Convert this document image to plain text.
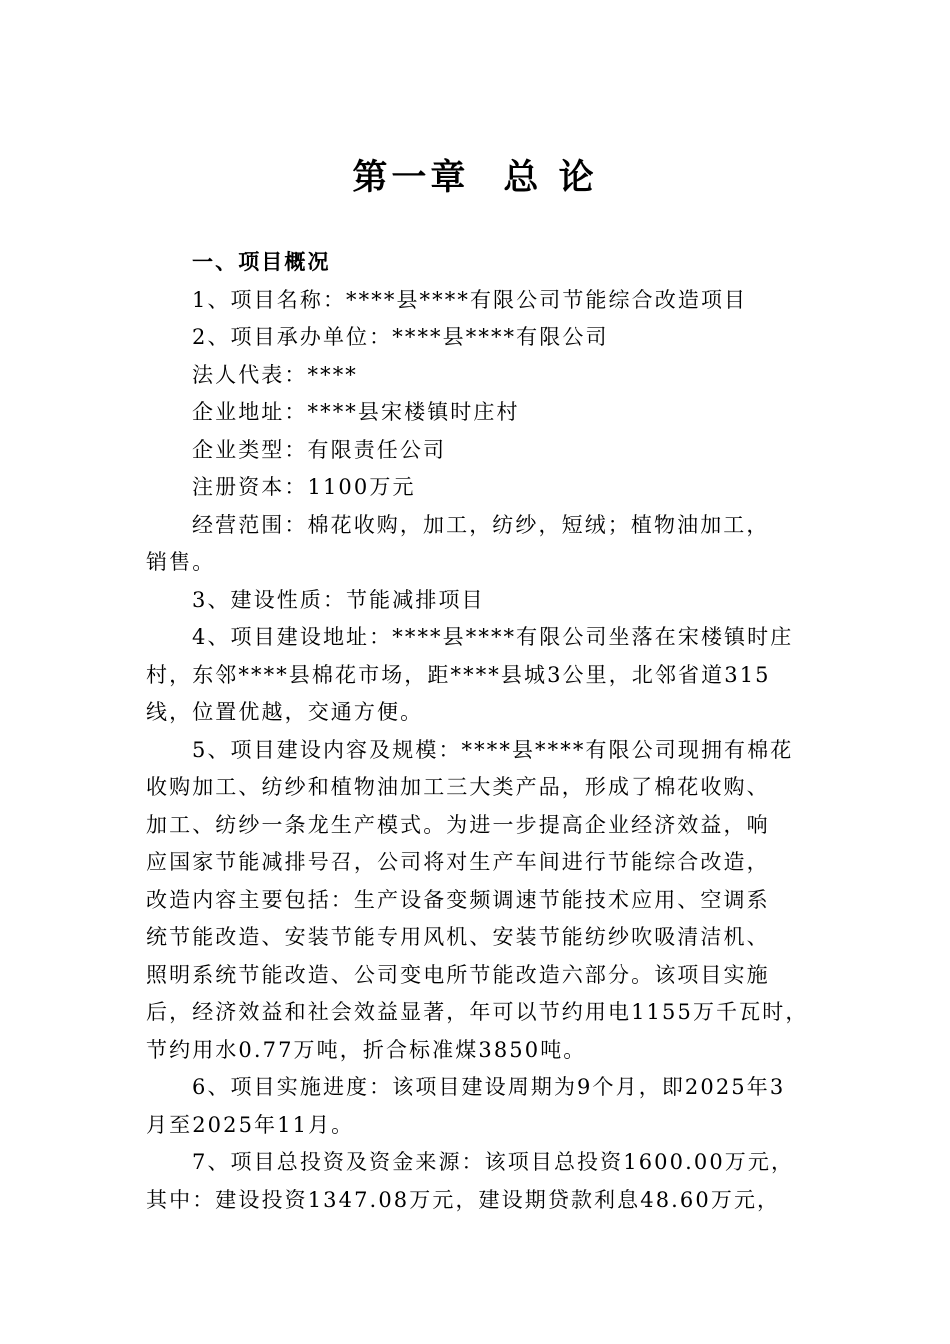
第一章 总 论
一、项目概况
1、项目名称：****县****有限公司节能综合改造项目
2、项目承办单位：****县****有限公司
法人代表：****
企业地址：****县宋楼镇时庄村
企业类型：有限责任公司
注册资本：1100万元
经营范围：棉花收购，加工，纺纱，短绒；植物油加工，
销售。
3、建设性质：节能减排项目
4、项目建设地址：****县****有限公司坐落在宋楼镇时庄
村，东邻****县棉花市场，距****县城3公里，北邻省道315
线，位置优越，交通方便。
5、项目建设内容及规模：****县****有限公司现拥有棉花
收购加工、纺纱和植物油加工三大类产品，形成了棉花收购、
加工、纺纱一条龙生产模式。为进一步提高企业经济效益，响
应国家节能减排号召，公司将对生产车间进行节能综合改造，
改造内容主要包括：生产设备变频调速节能技术应用、空调系
统节能改造、安装节能专用风机、安装节能纺纱吹吸清洁机、
照明系统节能改造、公司变电所节能改造六部分。该项目实施
后，经济效益和社会效益显著，年可以节约用电1155万千瓦时，
节约用水0.77万吨，折合标准煤3850吨。
6、项目实施进度：该项目建设周期为9个月，即2025年3
月至2025年11月。
7、项目总投资及资金来源：该项目总投资1600.00万元，
其中：建设投资1347.08万元，建设期贷款利息48.60万元，
